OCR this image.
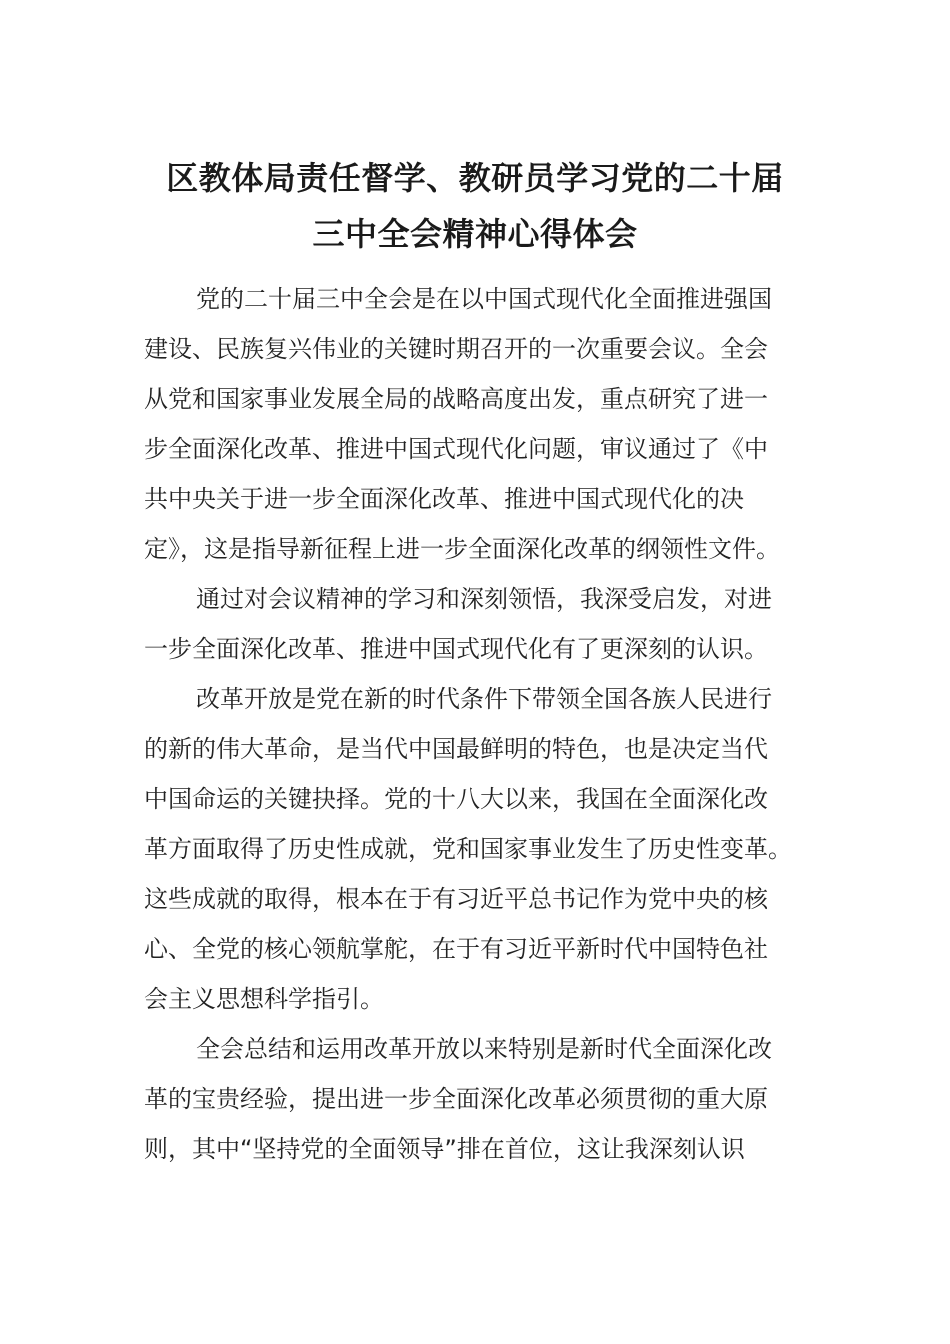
区教体局责任督学、教研员学习党的二十届
三中全会精神心得体会

党的二十届三中全会是在以中国式现代化全面推进强国
建设、民族复兴伟业的关键时期召开的一次重要会议。全会
从党和国家事业发展全局的战略高度出发，重点研究了进一
步全面深化改革、推进中国式现代化问题，审议通过了《中
共中央关于进一步全面深化改革、推进中国式现代化的决
定》，这是指导新征程上进一步全面深化改革的纲领性文件。

通过对会议精神的学习和深刻领悟，我深受启发，对进
一步全面深化改革、推进中国式现代化有了更深刻的认识。

改革开放是党在新的时代条件下带领全国各族人民进行
的新的伟大革命，是当代中国最鲜明的特色，也是决定当代
中国命运的关键抉择。党的十八大以来，我国在全面深化改
革方面取得了历史性成就，党和国家事业发生了历史性变革。
这些成就的取得，根本在于有习近平总书记作为党中央的核
心、全党的核心领航掌舵，在于有习近平新时代中国特色社
会主义思想科学指引。

全会总结和运用改革开放以来特别是新时代全面深化改
革的宝贵经验，提出进一步全面深化改革必须贯彻的重大原
则，其中“坚持党的全面领导”排在首位，这让我深刻认识
